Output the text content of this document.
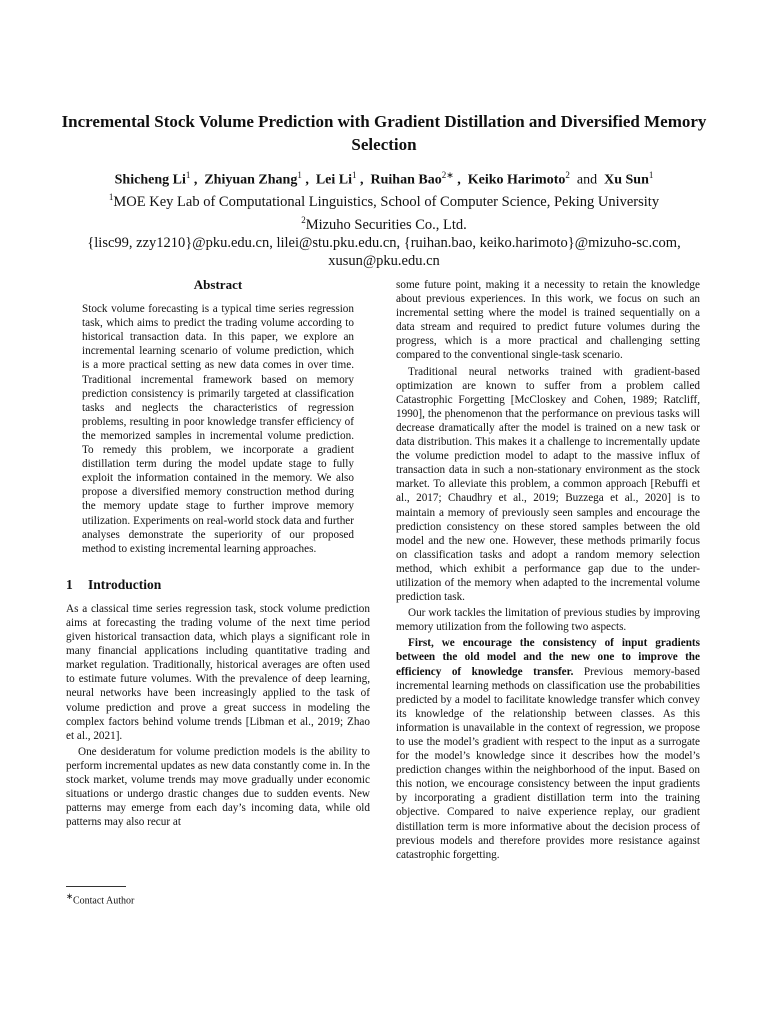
Incremental Stock Volume Prediction with Gradient Distillation and Diversified Memory Selection
Shicheng Li$^1$ ,  Zhiyuan Zhang$^1$ ,  Lei Li$^1$ ,  Ruihan Bao$^{2∗}$ ,  Keiko Harimoto$^2$ and Xu Sun$^1$
$^1$MOE Key Lab of Computational Linguistics, School of Computer Science, Peking University
$^2$Mizuho Securities Co., Ltd.
{lisc99, zzy1210}@pku.edu.cn, lilei@stu.pku.edu.cn, {ruihan.bao, keiko.harimoto}@mizuho-sc.com,
xusun@pku.edu.cn
Abstract

Stock volume forecasting is a typical time series regression task, which aims to predict the trading volume according to historical transaction data. In this paper, we explore an incremental learning scenario of volume prediction, which is a more practical setting as new data comes in over time. Traditional incremental framework based on memory prediction consistency is primarily targeted at classification tasks and neglects the characteristics of regression problems, resulting in poor knowledge transfer efficiency of the memorized samples in incremental volume prediction. To remedy this problem, we incorporate a gradient distillation term during the model update stage to fully exploit the information contained in the memory. We also propose a diversified memory construction method during the memory update stage to further improve memory utilization. Experiments on real-world stock data and further analyses demonstrate the superiority of our proposed method to existing incremental learning approaches.

1 Introduction

As a classical time series regression task, stock volume prediction aims at forecasting the trading volume of the next time period given historical transaction data, which plays a significant role in many financial applications including quantitative trading and market regulation. Traditionally, historical averages are often used to estimate future volumes. With the prevalence of deep learning, neural networks have been increasingly applied to the task of volume prediction and prove a great success in modeling the complex factors behind volume trends [Libman et al., 2019; Zhao et al., 2021].

One desideratum for volume prediction models is the ability to perform incremental updates as new data constantly come in. In the stock market, volume trends may move gradually under economic situations or undergo drastic changes due to sudden events. New patterns may emerge from each day’s incoming data, while old patterns may also recur at

some future point, making it a necessity to retain the knowledge about previous experiences. In this work, we focus on such an incremental setting where the model is trained sequentially on a data stream and required to predict future volumes during the progress, which is a more practical and challenging setting compared to the conventional single-task scenario.

Traditional neural networks trained with gradient-based optimization are known to suffer from a problem called Catastrophic Forgetting [McCloskey and Cohen, 1989; Ratcliff, 1990], the phenomenon that the performance on previous tasks will decrease dramatically after the model is trained on a new task or data distribution. This makes it a challenge to incrementally update the volume prediction model to adapt to the massive influx of transaction data in such a non-stationary environment as the stock market. To alleviate this problem, a common approach [Rebuffi et al., 2017; Chaudhry et al., 2019; Buzzega et al., 2020] is to maintain a memory of previously seen samples and encourage the prediction consistency on these stored samples between the old model and the new one. However, these methods primarily focus on classification tasks and adopt a random memory selection method, which exhibit a performance gap due to the under-utilization of the memory when adapted to the incremental volume prediction task.

Our work tackles the limitation of previous studies by improving memory utilization from the following two aspects.

First, we encourage the consistency of input gradients between the old model and the new one to improve the efficiency of knowledge transfer. Previous memory-based incremental learning methods on classification use the probabilities predicted by a model to facilitate knowledge transfer which convey its knowledge of the relationship between classes. As this information is unavailable in the context of regression, we propose to use the model’s gradient with respect to the input as a surrogate for the model’s knowledge since it describes how the model’s prediction changes within the neighborhood of the input. Based on this notion, we encourage consistency between the input gradients by incorporating a gradient distillation term into the training objective. Compared to naive experience replay, our gradient distillation term is more informative about the decision process of previous models and therefore provides more resistance against catastrophic forgetting.

∗Contact Author
